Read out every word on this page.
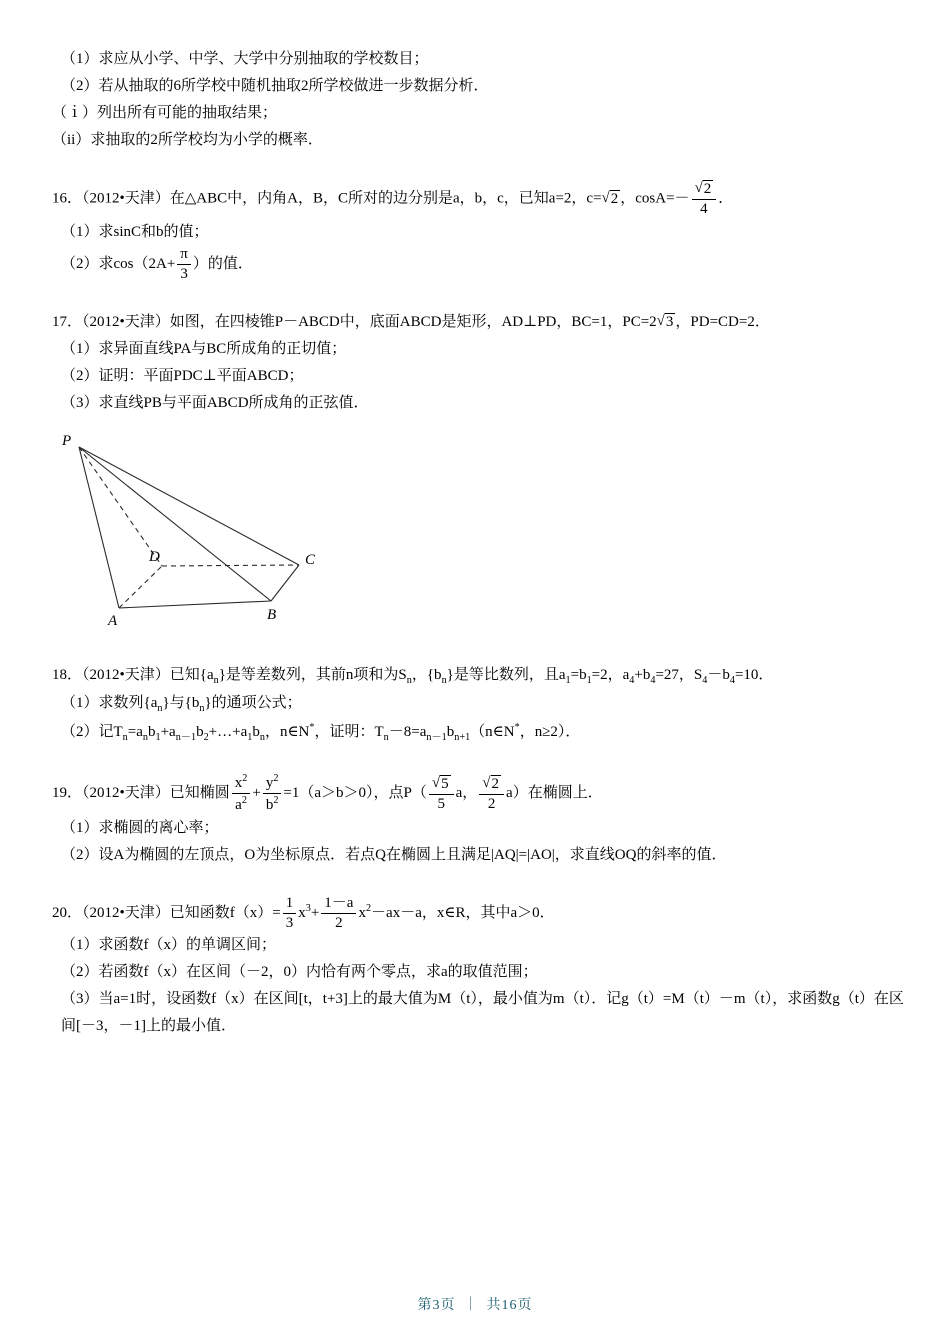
（1）求应从小学、中学、大学中分别抽取的学校数目；
（2）若从抽取的6所学校中随机抽取2所学校做进一步数据分析．
（ｉ）列出所有可能的抽取结果；
（ii）求抽取的2所学校均为小学的概率．
16．（2012•天津）在△ABC中，内角A，B，C所对的边分别是a，b，c，已知a=2，c=√2 ，$\cos A=- \frac{√2}{4}$ ．
（1）求sinC和b的值；
（2）求$\cos(2A+ \frac{\pi}{3}$ ）的值．
17．（2012•天津）如图，在四棱锥P－ABCD中，底面ABCD是矩形，AD⊥PD，BC=1，PC=2√3 ，PD=CD=2．
（1）求异面直线PA与BC所成角的正切值；
（2）证明：平面PDC⊥平面ABCD；
（3）求直线PB与平面ABCD所成角的正弦值．
P
D	C
A	B
18．（2012•天津）已知$\{a_n\}$是等差数列，其前n项和为$S_n$，$\{b_n\}$是等比数列，且$a_1=b_1=2$，$a_4+b_4=27$，$S_4-b_4=10$．
（1）求数列$\{a_n\}$与$\{b_n\}$的通项公式；
（2）记$T_n=a_nb_1+a_{n-1}b_2+\dots+a_1b_n$，n∈N*，证明：$T_n-8=a_{n-1}b_{n+1}(n\in N^*$，n≥2）．
19．（2012•天津）已知椭圆 $\frac{x^2}{a^2} + \frac{y^2}{b^2} =1(a>b>0)$，点$P( \frac{√5}{5}$ a， $\frac{√2}{2} a$）在椭圆上．
（1）求椭圆的离心率；
（2）设A为椭圆的左顶点，O为坐标原点．若点Q在椭圆上且满足|AQ|=|AO|，求直线OQ的斜率的值．
20．（2012•天津）已知函数$f(x)= \frac{1}{3} x^3+ \frac{1-a}{2} x^2-ax-a$，x∈R，其中a＞0．
（1）求函数f（x）的单调区间；
（2）若函数f（x）在区间（－2，0）内恰有两个零点，求a的取值范围；
（3）当a=1时，设函数f（x）在区间[t，t+3]上的最大值为M（t），最小值为m（t）．记g（t）=M（t）－m（t），求函数g（t）在区间[－3，－1]上的最小值．
第3页 ｜ 共16页
